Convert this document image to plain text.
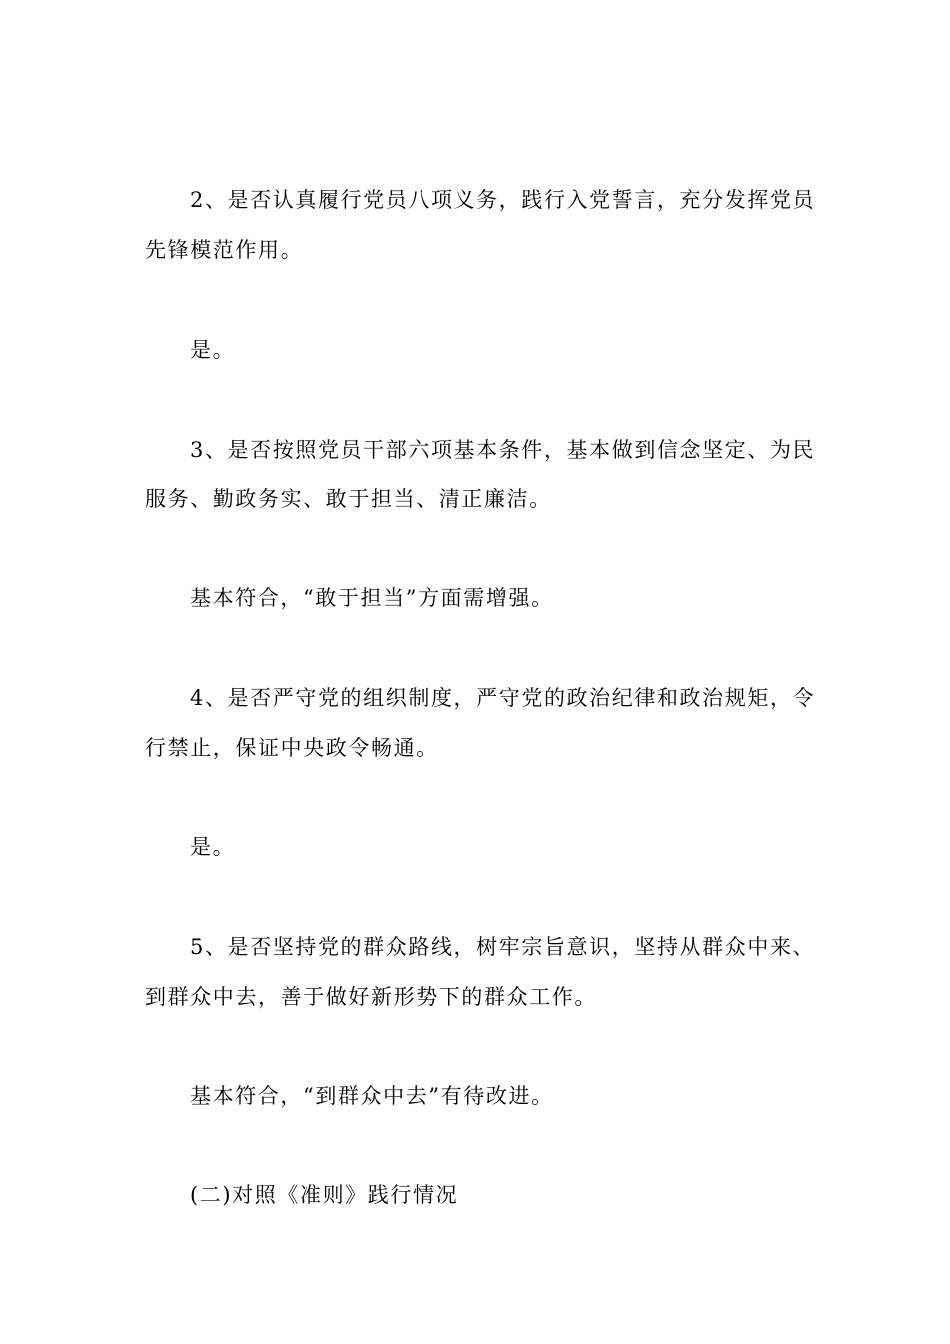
2、是否认真履行党员八项义务，践行入党誓言，充分发挥党员
先锋模范作用。
是。
3、是否按照党员干部六项基本条件，基本做到信念坚定、为民
服务、勤政务实、敢于担当、清正廉洁。
基本符合，“敢于担当”方面需增强。
4、是否严守党的组织制度，严守党的政治纪律和政治规矩，令
行禁止，保证中央政令畅通。
是。
5、是否坚持党的群众路线，树牢宗旨意识，坚持从群众中来、
到群众中去，善于做好新形势下的群众工作。
基本符合，“到群众中去”有待改进。
(二)对照《准则》践行情况
